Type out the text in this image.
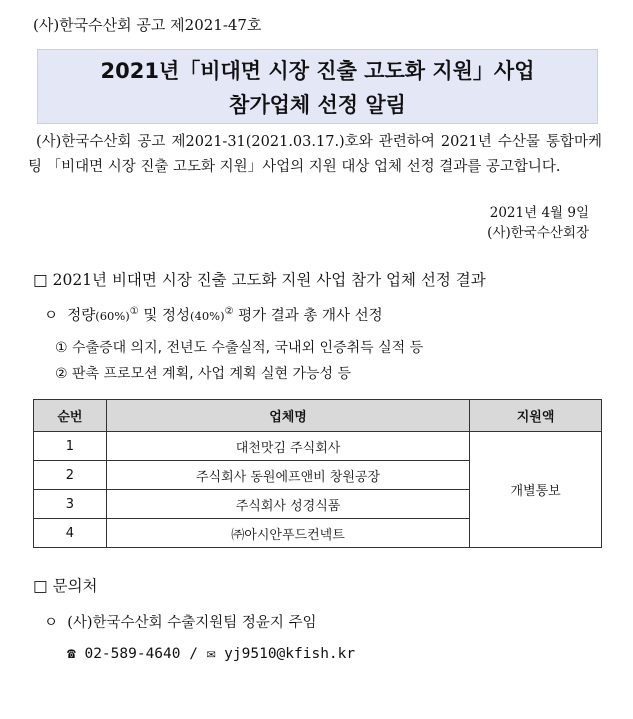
(사)한국수산회 공고 제2021-47호
2021년「비대면 시장 진출 고도화 지원」사업
참가업체 선정 알림
(사)한국수산회 공고 제2021-31(2021.03.17.)호와 관련하여 2021년 수산물 통합마케팅 「비대면 시장 진출 고도화 지원」사업의 지원 대상 업체 선정 결과를 공고합니다.
2021년 4월 9일
(사)한국수산회장
□ 2021년 비대면 시장 진출 고도화 지원 사업 참가 업체 선정 결과
ㅇ 정량(60%)① 및 정성(40%)② 평가 결과 총 개사 선정
① 수출증대 의지, 전년도 수출실적, 국내외 인증취득 실적 등
② 판촉 프로모션 계획, 사업 계획 실현 가능성 등
순번	업체명	지원액
1	대천맛김 주식회사	개별통보
2	주식회사 동원에프앤비 창원공장	
3	주식회사 성경식품	
4	㈜아시안푸드컨넥트	
□ 문의처
ㅇ (사)한국수산회 수출지원팀 정윤지 주임
☎ 02-589-4640 / ✉ yj9510@kfish.kr
